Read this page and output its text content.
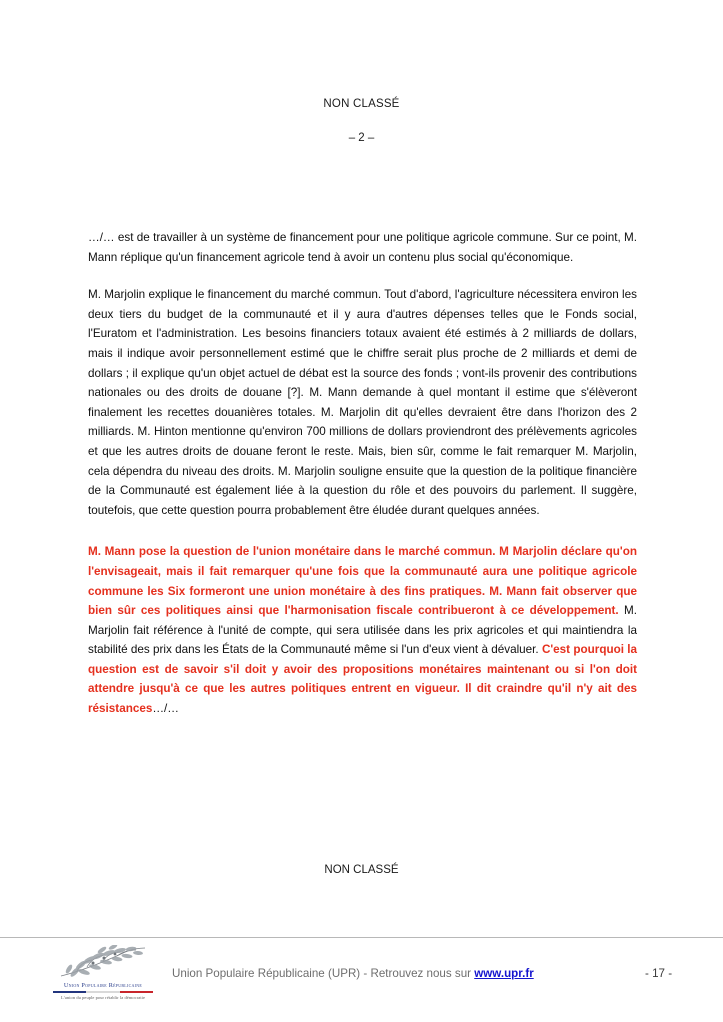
NON CLASSÉ
– 2 –

…/… est de travailler à un système de financement pour une politique agricole commune. Sur ce point, M. Mann réplique qu'un financement agricole tend à avoir un contenu plus social qu'économique.

M. Marjolin explique le financement du marché commun. Tout d'abord, l'agriculture nécessitera environ les deux tiers du budget de la communauté et il y aura d'autres dépenses telles que le Fonds social, l'Euratom et l'administration. Les besoins financiers totaux avaient été estimés à 2 milliards de dollars, mais il indique avoir personnellement estimé que le chiffre serait plus proche de 2 milliards et demi de dollars ; il explique qu'un objet actuel de débat est la source des fonds ; vont-ils provenir des contributions nationales ou des droits de douane [?]. M. Mann demande à quel montant il estime que s'élèveront finalement les recettes douanières totales. M. Marjolin dit qu'elles devraient être dans l'horizon des 2 milliards. M. Hinton mentionne qu'environ 700 millions de dollars proviendront des prélèvements agricoles et que les autres droits de douane feront le reste. Mais, bien sûr, comme le fait remarquer M. Marjolin, cela dépendra du niveau des droits. M. Marjolin souligne ensuite que la question de la politique financière de la Communauté est également liée à la question du rôle et des pouvoirs du parlement. Il suggère, toutefois, que cette question pourra probablement être éludée durant quelques années.

M. Mann pose la question de l'union monétaire dans le marché commun. M Marjolin déclare qu'on l'envisageait, mais il fait remarquer qu'une fois que la communauté aura une politique agricole commune les Six formeront une union monétaire à des fins pratiques. M. Mann fait observer que bien sûr ces politiques ainsi que l'harmonisation fiscale contribueront à ce développement. M. Marjolin fait référence à l'unité de compte, qui sera utilisée dans les prix agricoles et qui maintiendra la stabilité des prix dans les États de la Communauté même si l'un d'eux vient à dévaluer. C'est pourquoi la question est de savoir s'il doit y avoir des propositions monétaires maintenant ou si l'on doit attendre jusqu'à ce que les autres politiques entrent en vigueur. Il dit craindre qu'il n'y ait des résistances…/…

NON CLASSÉ
Union Populaire Républicaine
L'union du peuple pour rétablir la démocratie
Union Populaire Républicaine (UPR) - Retrouvez nous sur www.upr.fr	- 17 -
